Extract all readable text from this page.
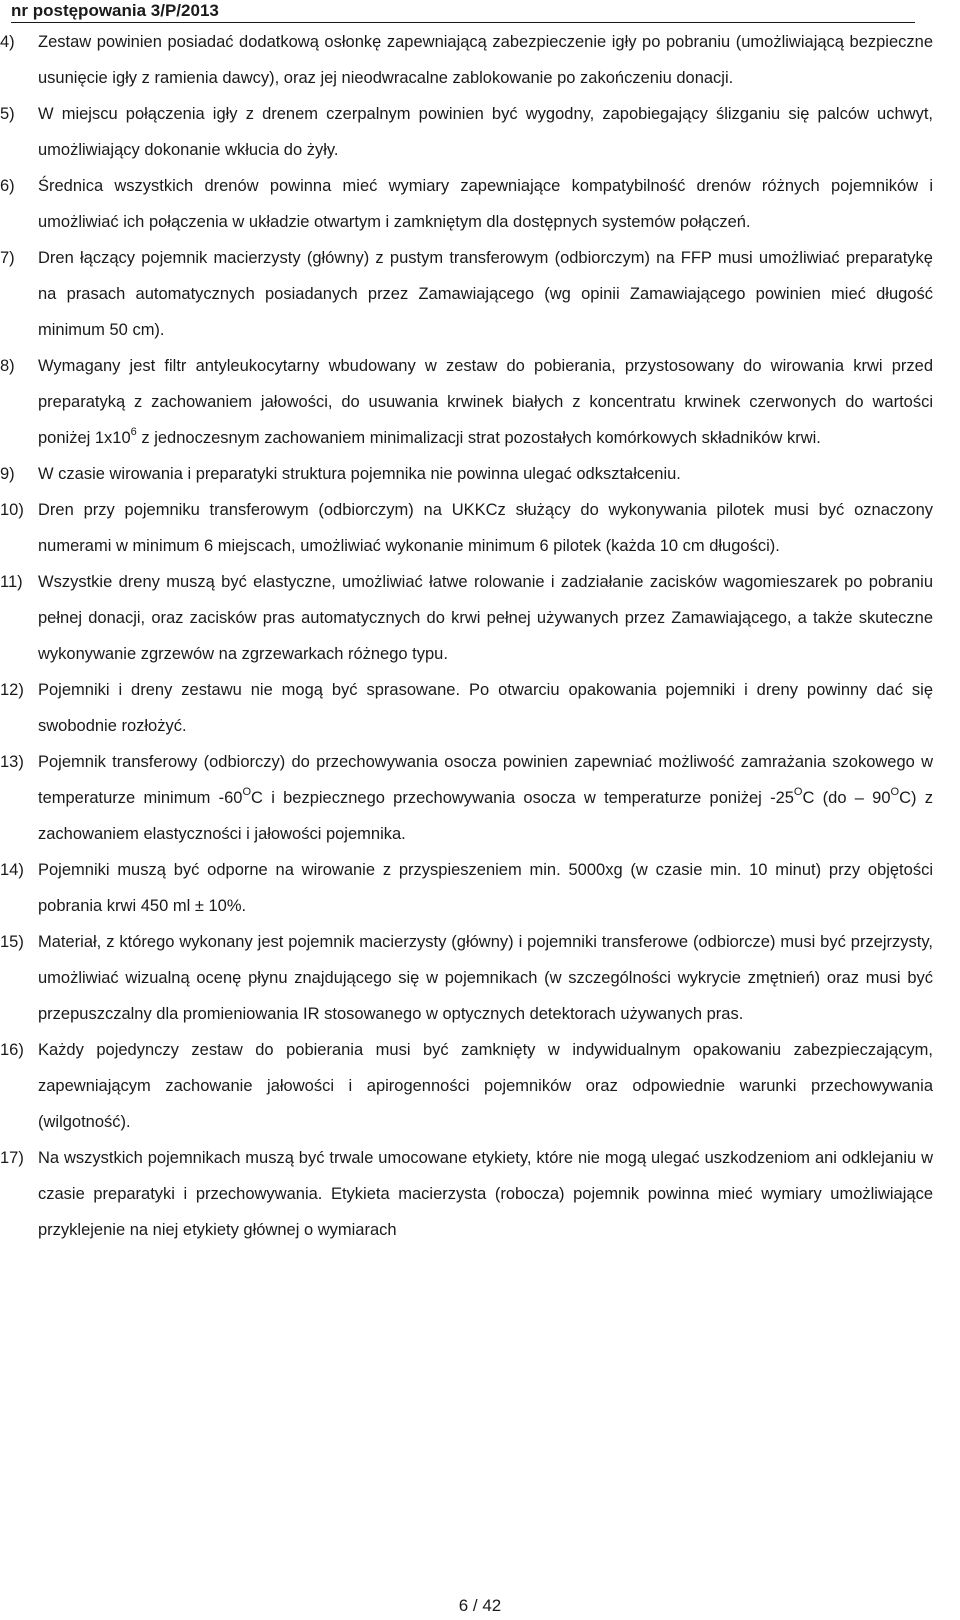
nr postępowania 3/P/2013
4) Zestaw powinien posiadać dodatkową osłonkę zapewniającą zabezpieczenie igły po pobraniu (umożliwiającą bezpieczne usunięcie igły z ramienia dawcy), oraz jej nieodwracalne zablokowanie po zakończeniu donacji.
5) W miejscu połączenia igły z drenem czerpalnym powinien być wygodny, zapobiegający ślizganiu się palców uchwyt, umożliwiający dokonanie wkłucia do żyły.
6) Średnica wszystkich drenów powinna mieć wymiary zapewniające kompatybilność drenów różnych pojemników i umożliwiać ich połączenia w układzie otwartym i zamkniętym dla dostępnych systemów połączeń.
7) Dren łączący pojemnik macierzysty (główny) z pustym transferowym (odbiorczym) na FFP musi umożliwiać preparatykę na prasach automatycznych posiadanych przez Zamawiającego (wg opinii Zamawiającego powinien mieć długość minimum 50 cm).
8) Wymagany jest filtr antyleukocytarny wbudowany w zestaw do pobierania, przystosowany do wirowania krwi przed preparatyką z zachowaniem jałowości, do usuwania krwinek białych z koncentratu krwinek czerwonych do wartości poniżej $1x10^6$ z jednoczesnym zachowaniem minimalizacji strat pozostałych komórkowych składników krwi.
9) W czasie wirowania i preparatyki struktura pojemnika nie powinna ulegać odkształceniu.
10) Dren przy pojemniku transferowym (odbiorczym) na UKKCz służący do wykonywania pilotek musi być oznaczony numerami w minimum 6 miejscach, umożliwiać wykonanie minimum 6 pilotek (każda 10 cm długości).
11) Wszystkie dreny muszą być elastyczne, umożliwiać łatwe rolowanie i zadziałanie zacisków wagomieszarek po pobraniu pełnej donacji, oraz zacisków pras automatycznych do krwi pełnej używanych przez Zamawiającego, a także skuteczne wykonywanie zgrzewów na zgrzewarkach różnego typu.
12) Pojemniki i dreny zestawu nie mogą być sprasowane. Po otwarciu opakowania pojemniki i dreny powinny dać się swobodnie rozłożyć.
13) Pojemnik transferowy (odbiorczy) do przechowywania osocza powinien zapewniać możliwość zamrażania szokowego w temperaturze minimum $-60^OC$ i bezpiecznego przechowywania osocza w temperaturze poniżej $-25^OC$ $(do - 90^OC)$ z zachowaniem elastyczności i jałowości pojemnika.
14) Pojemniki muszą być odporne na wirowanie z przyspieszeniem min. 5000xg (w czasie min. 10 minut) przy objętości pobrania krwi 450 ml ± 10%.
15) Materiał, z którego wykonany jest pojemnik macierzysty (główny) i pojemniki transferowe (odbiorcze) musi być przejrzysty, umożliwiać wizualną ocenę płynu znajdującego się w pojemnikach (w szczególności wykrycie zmętnień) oraz musi być przepuszczalny dla promieniowania IR stosowanego w optycznych detektorach używanych pras.
16) Każdy pojedynczy zestaw do pobierania musi być zamknięty w indywidualnym opakowaniu zabezpieczającym, zapewniającym zachowanie jałowości i apirogenności pojemników oraz odpowiednie warunki przechowywania (wilgotność).
17) Na wszystkich pojemnikach muszą być trwale umocowane etykiety, które nie mogą ulegać uszkodzeniom ani odklejaniu w czasie preparatyki i przechowywania. Etykieta macierzysta (robocza) pojemnik powinna mieć wymiary umożliwiające przyklejenie na niej etykiety głównej o wymiarach
6 / 42
